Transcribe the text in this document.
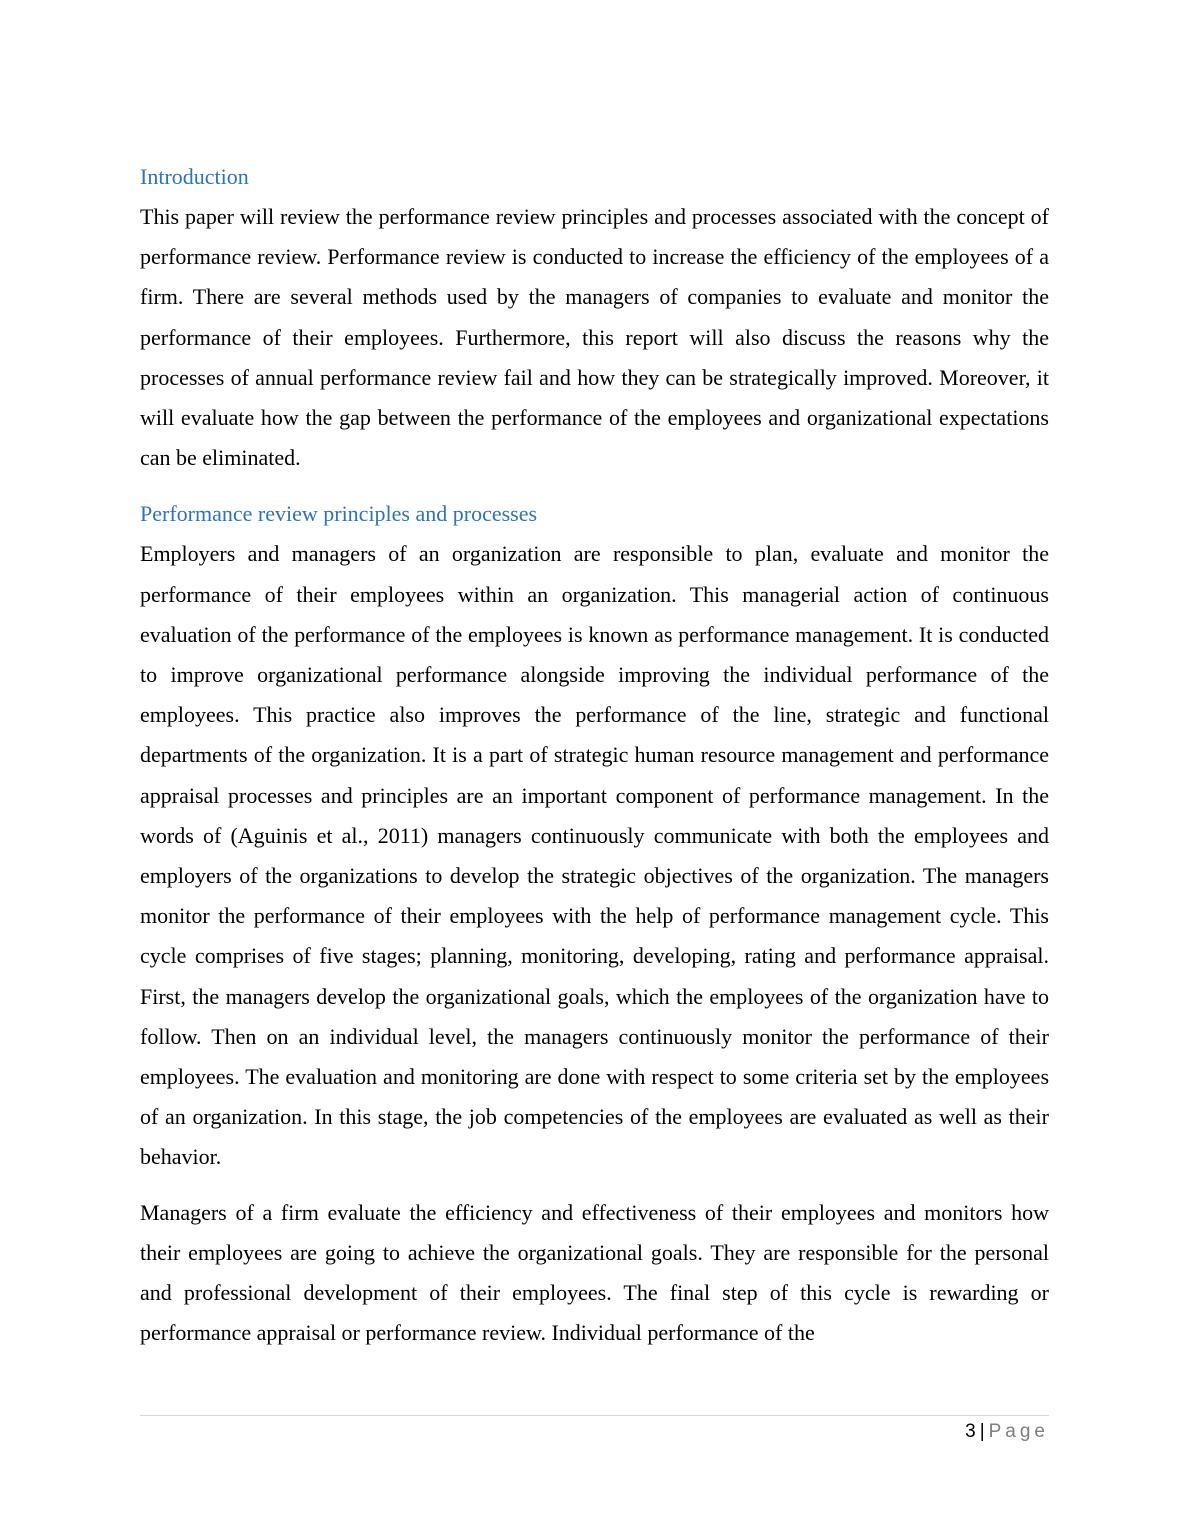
Introduction

This paper will review the performance review principles and processes associated with the concept of performance review. Performance review is conducted to increase the efficiency of the employees of a firm. There are several methods used by the managers of companies to evaluate and monitor the performance of their employees. Furthermore, this report will also discuss the reasons why the processes of annual performance review fail and how they can be strategically improved. Moreover, it will evaluate how the gap between the performance of the employees and organizational expectations can be eliminated.

Performance review principles and processes

Employers and managers of an organization are responsible to plan, evaluate and monitor the performance of their employees within an organization. This managerial action of continuous evaluation of the performance of the employees is known as performance management. It is conducted to improve organizational performance alongside improving the individual performance of the employees. This practice also improves the performance of the line, strategic and functional departments of the organization. It is a part of strategic human resource management and performance appraisal processes and principles are an important component of performance management. In the words of (Aguinis et al., 2011) managers continuously communicate with both the employees and employers of the organizations to develop the strategic objectives of the organization. The managers monitor the performance of their employees with the help of performance management cycle. This cycle comprises of five stages; planning, monitoring, developing, rating and performance appraisal. First, the managers develop the organizational goals, which the employees of the organization have to follow. Then on an individual level, the managers continuously monitor the performance of their employees. The evaluation and monitoring are done with respect to some criteria set by the employees of an organization. In this stage, the job competencies of the employees are evaluated as well as their behavior.

Managers of a firm evaluate the efficiency and effectiveness of their employees and monitors how their employees are going to achieve the organizational goals. They are responsible for the personal and professional development of their employees. The final step of this cycle is rewarding or performance appraisal or performance review. Individual performance of the

3 | Page
